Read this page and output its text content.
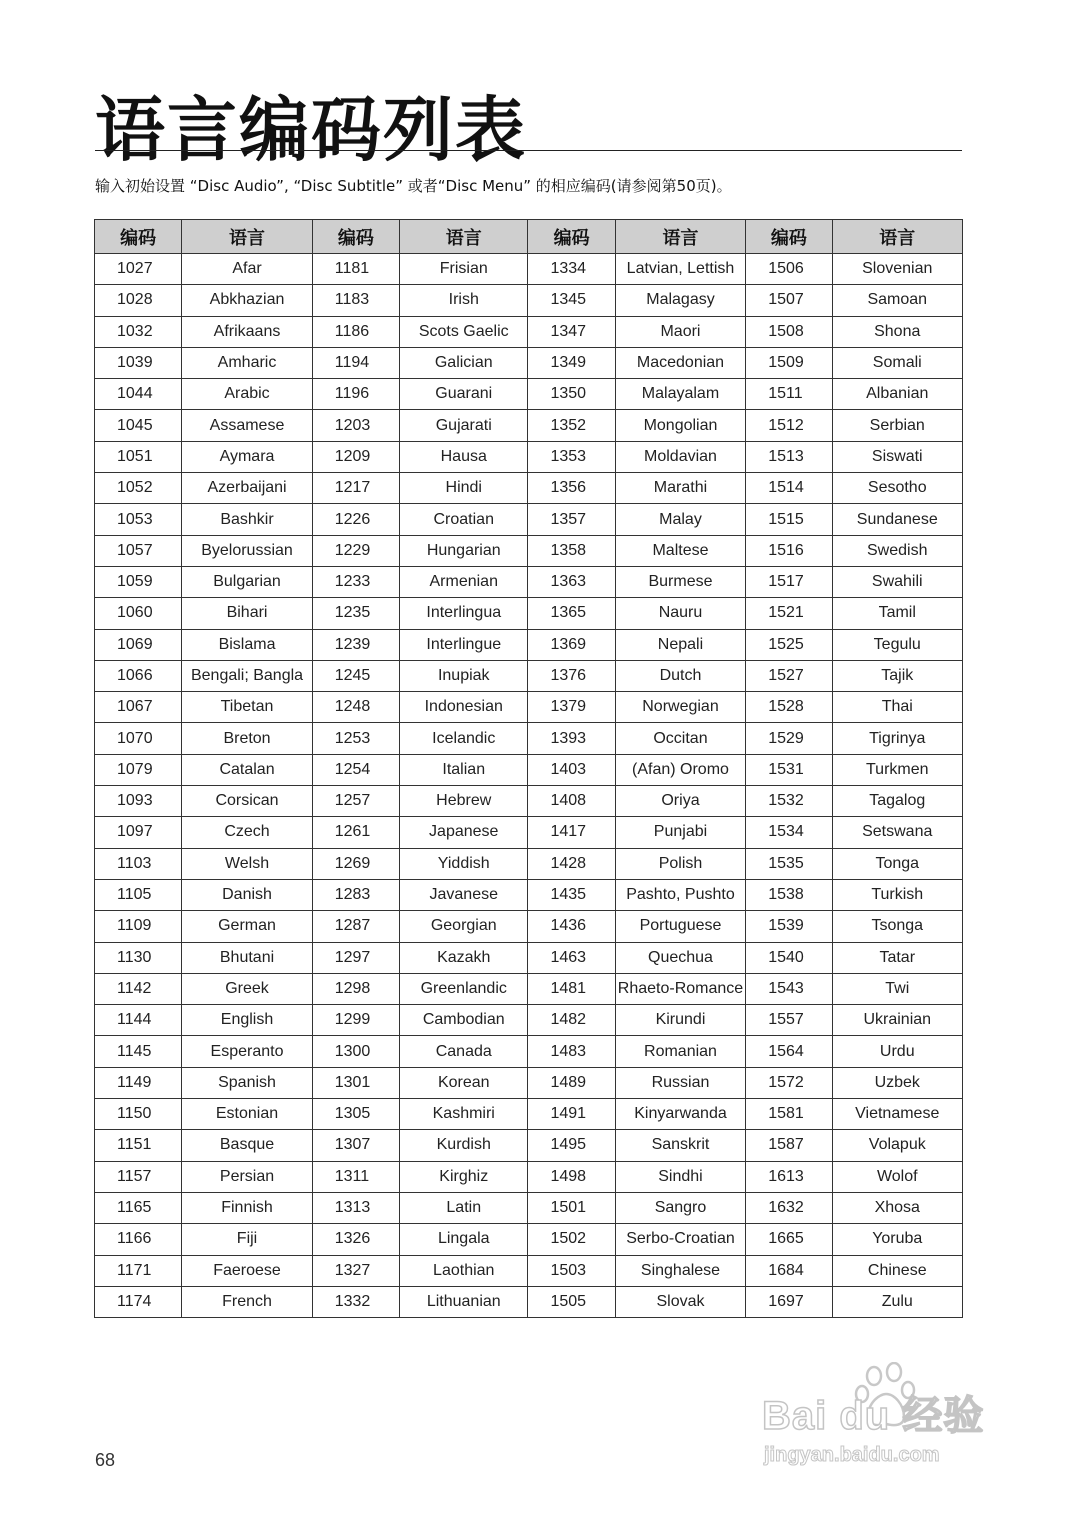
语言编码列表
输入初始设置 “Disc Audio”, “Disc Subtitle” 或者“Disc Menu” 的相应编码(请参阅第50页)。
编码	语言	编码	语言	编码	语言	编码	语言
1027	Afar	1181	Frisian	1334	Latvian, Lettish	1506	Slovenian
1028	Abkhazian	1183	Irish	1345	Malagasy	1507	Samoan
1032	Afrikaans	1186	Scots Gaelic	1347	Maori	1508	Shona
1039	Amharic	1194	Galician	1349	Macedonian	1509	Somali
1044	Arabic	1196	Guarani	1350	Malayalam	1511	Albanian
1045	Assamese	1203	Gujarati	1352	Mongolian	1512	Serbian
1051	Aymara	1209	Hausa	1353	Moldavian	1513	Siswati
1052	Azerbaijani	1217	Hindi	1356	Marathi	1514	Sesotho
1053	Bashkir	1226	Croatian	1357	Malay	1515	Sundanese
1057	Byelorussian	1229	Hungarian	1358	Maltese	1516	Swedish
1059	Bulgarian	1233	Armenian	1363	Burmese	1517	Swahili
1060	Bihari	1235	Interlingua	1365	Nauru	1521	Tamil
1069	Bislama	1239	Interlingue	1369	Nepali	1525	Tegulu
1066	Bengali; Bangla	1245	Inupiak	1376	Dutch	1527	Tajik
1067	Tibetan	1248	Indonesian	1379	Norwegian	1528	Thai
1070	Breton	1253	Icelandic	1393	Occitan	1529	Tigrinya
1079	Catalan	1254	Italian	1403	(Afan) Oromo	1531	Turkmen
1093	Corsican	1257	Hebrew	1408	Oriya	1532	Tagalog
1097	Czech	1261	Japanese	1417	Punjabi	1534	Setswana
1103	Welsh	1269	Yiddish	1428	Polish	1535	Tonga
1105	Danish	1283	Javanese	1435	Pashto, Pushto	1538	Turkish
1109	German	1287	Georgian	1436	Portuguese	1539	Tsonga
1130	Bhutani	1297	Kazakh	1463	Quechua	1540	Tatar
1142	Greek	1298	Greenlandic	1481	Rhaeto-Romance	1543	Twi
1144	English	1299	Cambodian	1482	Kirundi	1557	Ukrainian
1145	Esperanto	1300	Canada	1483	Romanian	1564	Urdu
1149	Spanish	1301	Korean	1489	Russian	1572	Uzbek
1150	Estonian	1305	Kashmiri	1491	Kinyarwanda	1581	Vietnamese
1151	Basque	1307	Kurdish	1495	Sanskrit	1587	Volapuk
1157	Persian	1311	Kirghiz	1498	Sindhi	1613	Wolof
1165	Finnish	1313	Latin	1501	Sangro	1632	Xhosa
1166	Fiji	1326	Lingala	1502	Serbo-Croatian	1665	Yoruba
1171	Faeroese	1327	Laothian	1503	Singhalese	1684	Chinese
1174	French	1332	Lithuanian	1505	Slovak	1697	Zulu
68
Bai du 经验
jingyan.baidu.com
